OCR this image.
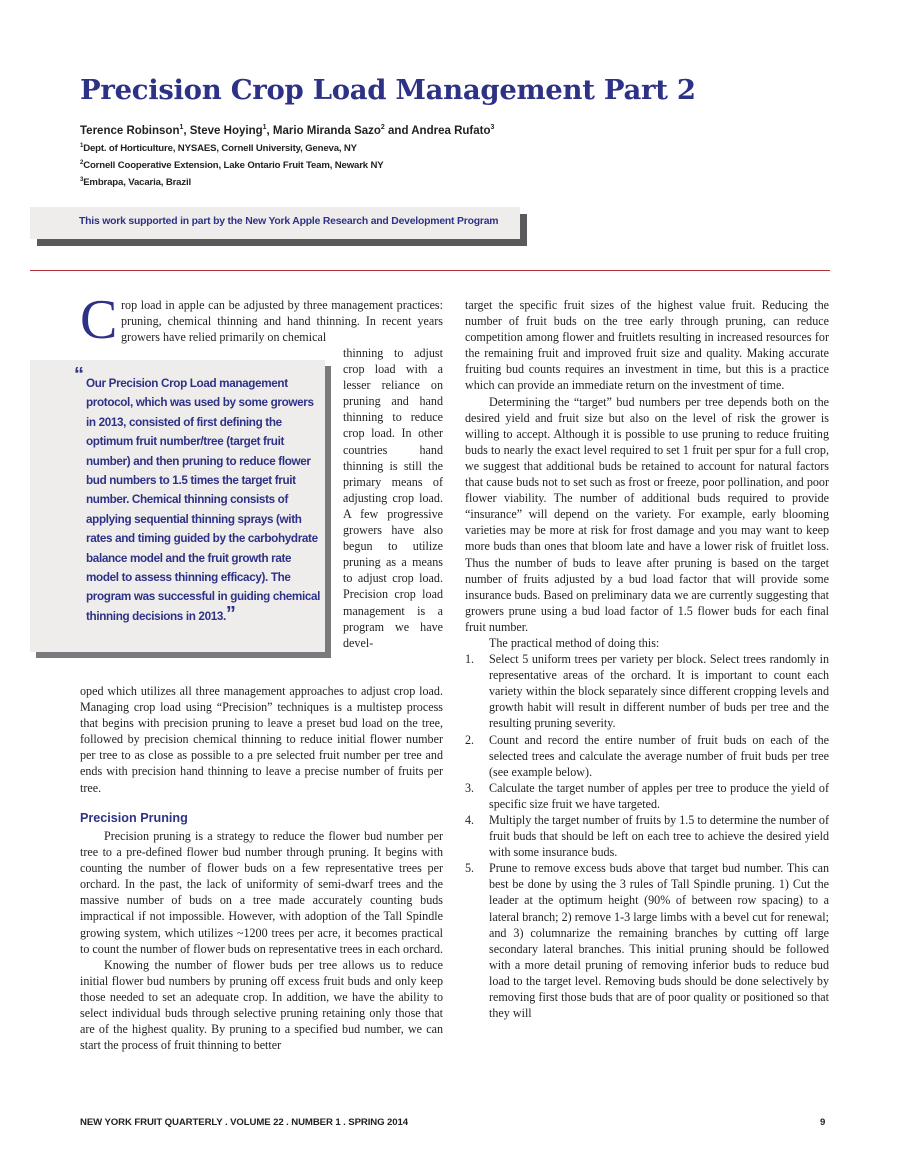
Precision Crop Load Management Part 2
Terence Robinson$^1$, Steve Hoying$^1$, Mario Miranda Sazo$^2$ and Andrea Rufato$^3$
$^1$Dept. of Horticulture, NYSAES, Cornell University, Geneva, NY
$^2$Cornell Cooperative Extension, Lake Ontario Fruit Team, Newark NY
$^3$Embrapa, Vacaria, Brazil
This work supported in part by the New York Apple Research and Development Program
C rop load in apple can be adjusted by three management practices: pruning, chemical thinning and hand thinning. In recent years growers have relied primarily on chemical

thinning to adjust crop load with a lesser reliance on pruning and hand thinning to reduce crop load. In other countries hand thinning is still the primary means of adjusting crop load. A few progressive growers have also begun to utilize pruning as a means to adjust crop load. Precision crop load management is a program we have devel-

oped which utilizes all three management approaches to adjust crop load. Managing crop load using “Precision” techniques is a multistep process that begins with precision pruning to leave a preset bud load on the tree, followed by precision chemical thinning to reduce initial flower number per tree to as close as possible to a pre selected fruit number per tree and ends with precision hand thinning to leave a precise number of fruits per tree.

“ Our Precision Crop Load management protocol, which was used by some growers in 2013, consisted of first defining the optimum fruit number/tree (target fruit number) and then pruning to reduce flower bud numbers to 1.5 times the target fruit number. Chemical thinning consists of applying sequential thinning sprays (with rates and timing guided by the carbohydrate balance model and the fruit growth rate model to assess thinning efficacy). The program was successful in guiding chemical thinning decisions in 2013.”

Precision Pruning

Precision pruning is a strategy to reduce the flower bud number per tree to a pre-defined flower bud number through pruning. It begins with counting the number of flower buds on a few representative trees per orchard. In the past, the lack of uniformity of semi-dwarf trees and the massive number of buds on a tree made accurately counting buds impractical if not impossible. However, with adoption of the Tall Spindle growing system, which utilizes ~1200 trees per acre, it becomes practical to count the number of flower buds on representative trees in each orchard.

Knowing the number of flower buds per tree allows us to reduce initial flower bud numbers by pruning off excess fruit buds and only keep those needed to set an adequate crop. In addition, we have the ability to select individual buds through selective pruning retaining only those that are of the highest quality. By pruning to a specified bud number, we can start the process of fruit thinning to better

target the specific fruit sizes of the highest value fruit. Reducing the number of fruit buds on the tree early through pruning, can reduce competition among flower and fruitlets resulting in increased resources for the remaining fruit and improved fruit size and quality. Making accurate fruiting bud counts requires an investment in time, but this is a practice which can provide an immediate return on the investment of time.

Determining the “target” bud numbers per tree depends both on the desired yield and fruit size but also on the level of risk the grower is willing to accept. Although it is possible to use pruning to reduce fruiting buds to nearly the exact level required to set 1 fruit per spur for a full crop, we suggest that additional buds be retained to account for natural factors that cause buds not to set such as frost or freeze, poor pollination, and poor flower viability. The number of additional buds required to provide “insurance” will depend on the variety. For example, early blooming varieties may be more at risk for frost damage and you may want to keep more buds than ones that bloom late and have a lower risk of fruitlet loss. Thus the number of buds to leave after pruning is based on the target number of fruits adjusted by a bud load factor that will provide some insurance buds. Based on preliminary data we are currently suggesting that growers prune using a bud load factor of 1.5 flower buds for each final fruit number.

The practical method of doing this:

1. Select 5 uniform trees per variety per block. Select trees randomly in representative areas of the orchard. It is important to count each variety within the block separately since different cropping levels and growth habit will result in different number of buds per tree and the resulting pruning severity.
2. Count and record the entire number of fruit buds on each of the selected trees and calculate the average number of fruit buds per tree (see example below).
3. Calculate the target number of apples per tree to produce the yield of specific size fruit we have targeted.
4. Multiply the target number of fruits by 1.5 to determine the number of fruit buds that should be left on each tree to achieve the desired yield with some insurance buds.
5. Prune to remove excess buds above that target bud number. This can best be done by using the 3 rules of Tall Spindle pruning. 1) Cut the leader at the optimum height (90% of between row spacing) to a lateral branch; 2) remove 1-3 large limbs with a bevel cut for renewal; and 3) columnarize the remaining branches by cutting off large secondary lateral branches. This initial pruning should be followed with a more detail pruning of removing inferior buds to reduce bud load to the target level. Removing buds should be done selectively by removing first those buds that are of poor quality or positioned so that they will
NEW YORK FRUIT QUARTERLY . VOLUME 22 . NUMBER 1 . SPRING 2014	9
